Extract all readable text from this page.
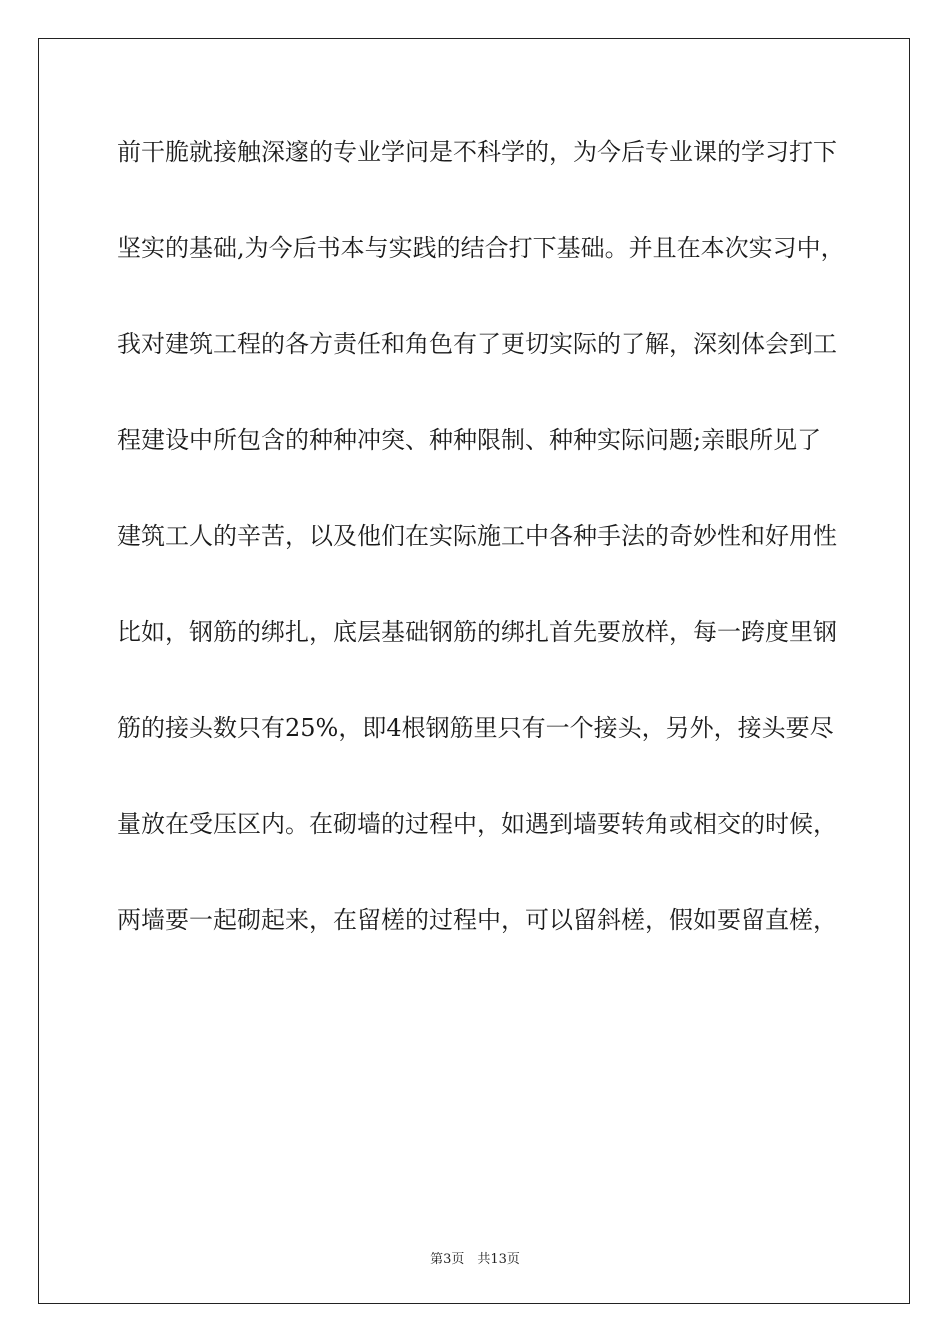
前干脆就接触深邃的专业学问是不科学的，为今后专业课的学习打下
坚实的基础,为今后书本与实践的结合打下基础。并且在本次实习中，
我对建筑工程的各方责任和角色有了更切实际的了解，深刻体会到工
程建设中所包含的种种冲突、种种限制、种种实际问题;亲眼所见了
建筑工人的辛苦，以及他们在实际施工中各种手法的奇妙性和好用性
比如，钢筋的绑扎，底层基础钢筋的绑扎首先要放样，每一跨度里钢
筋的接头数只有25%，即4根钢筋里只有一个接头，另外，接头要尽
量放在受压区内。在砌墙的过程中，如遇到墙要转角或相交的时候，
两墙要一起砌起来，在留槎的过程中，可以留斜槎，假如要留直槎，
第3页　共13页
